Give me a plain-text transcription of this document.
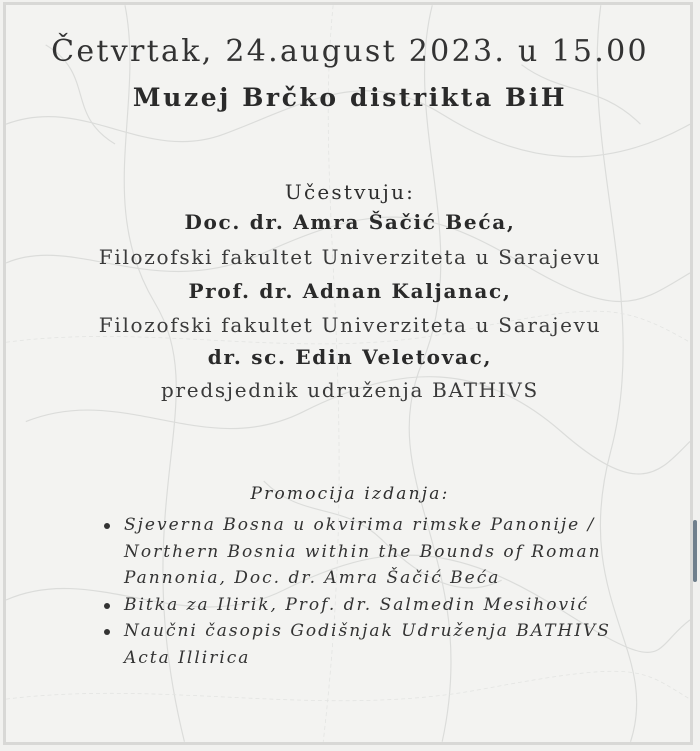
Četvrtak, 24.august 2023. u 15.00
Muzej Brčko distrikta BiH
Učestvuju:
Doc. dr. Amra Šačić Beća,
Filozofski fakultet Univerziteta u Sarajevu
Prof. dr. Adnan Kaljanac,
Filozofski fakultet Univerziteta u Sarajevu
dr. sc. Edin Veletovac,
predsjednik udruženja BATHIVS
Promocija izdanja:
Sjeverna Bosna u okvirima rimske Panonije / Northern Bosnia within the Bounds of Roman Pannonia, Doc. dr. Amra Šačić Beća
Bitka za Ilirik, Prof. dr. Salmedin Mesihović
Naučni časopis Godišnjak Udruženja BATHIVS Acta Illirica
